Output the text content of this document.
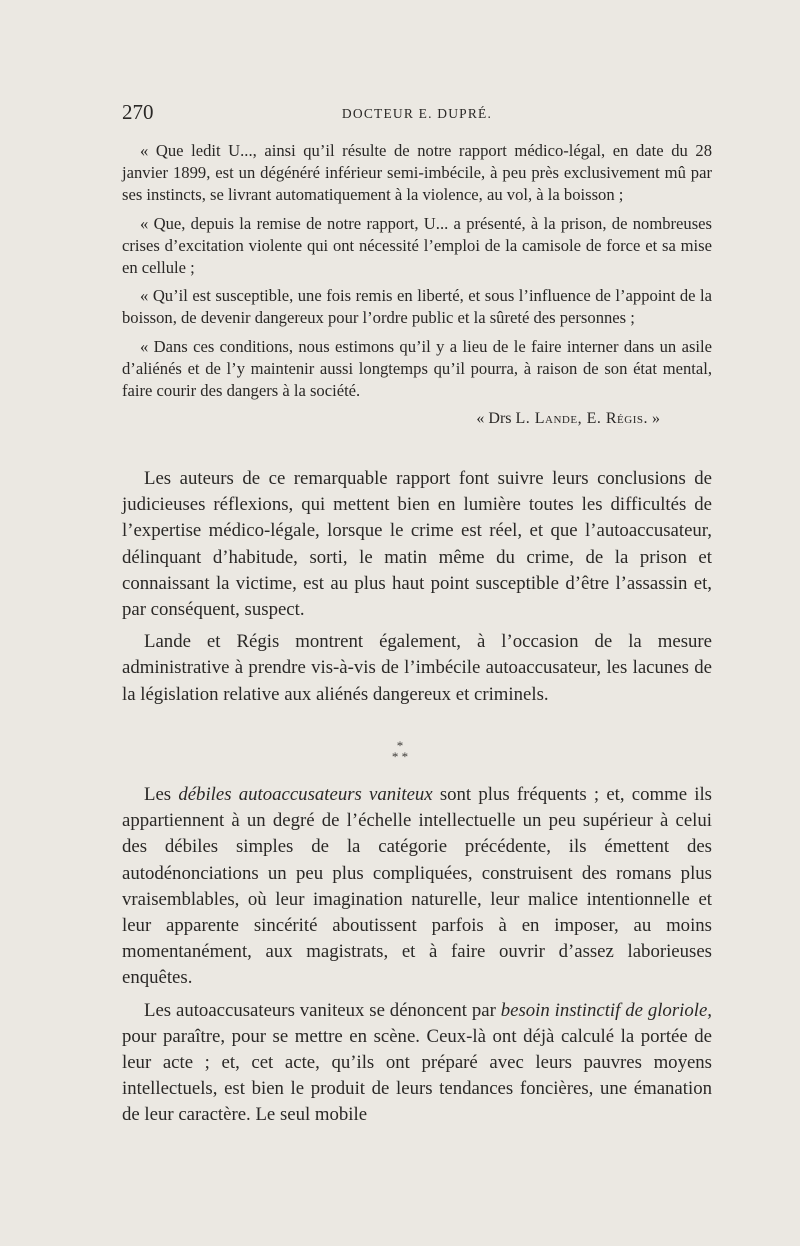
270	DOCTEUR E. DUPRÉ.

« Que ledit U..., ainsi qu’il résulte de notre rapport médico-légal, en date du 28 janvier 1899, est un dégénéré inférieur semi-imbécile, à peu près exclusivement mû par ses instincts, se livrant automatiquement à la violence, au vol, à la boisson ;

« Que, depuis la remise de notre rapport, U... a présenté, à la prison, de nombreuses crises d’excitation violente qui ont nécessité l’emploi de la camisole de force et sa mise en cellule ;

« Qu’il est susceptible, une fois remis en liberté, et sous l’influence de l’appoint de la boisson, de devenir dangereux pour l’ordre public et la sûreté des personnes ;

« Dans ces conditions, nous estimons qu’il y a lieu de le faire interner dans un asile d’aliénés et de l’y maintenir aussi longtemps qu’il pourra, à raison de son état mental, faire courir des dangers à la société.

« Drs L. Lande, E. Régis. »

Les auteurs de ce remarquable rapport font suivre leurs conclusions de judicieuses réflexions, qui mettent bien en lumière toutes les difficultés de l’expertise médico-légale, lorsque le crime est réel, et que l’autoaccusateur, délinquant d’habitude, sorti, le matin même du crime, de la prison et connaissant la victime, est au plus haut point susceptible d’être l’assassin et, par conséquent, suspect.

Lande et Régis montrent également, à l’occasion de la mesure administrative à prendre vis-à-vis de l’imbécile autoaccusateur, les lacunes de la législation relative aux aliénés dangereux et criminels.

*
* *

Les débiles autoaccusateurs vaniteux sont plus fréquents ; et, comme ils appartiennent à un degré de l’échelle intellectuelle un peu supérieur à celui des débiles simples de la catégorie précédente, ils émettent des autodénonciations un peu plus compliquées, construisent des romans plus vraisemblables, où leur imagination naturelle, leur malice intentionnelle et leur apparente sincérité aboutissent parfois à en imposer, au moins momentanément, aux magistrats, et à faire ouvrir d’assez laborieuses enquêtes.

Les autoaccusateurs vaniteux se dénoncent par besoin instinctif de gloriole, pour paraître, pour se mettre en scène. Ceux-là ont déjà calculé la portée de leur acte ; et, cet acte, qu’ils ont préparé avec leurs pauvres moyens intellectuels, est bien le produit de leurs tendances foncières, une émanation de leur caractère. Le seul mobile
